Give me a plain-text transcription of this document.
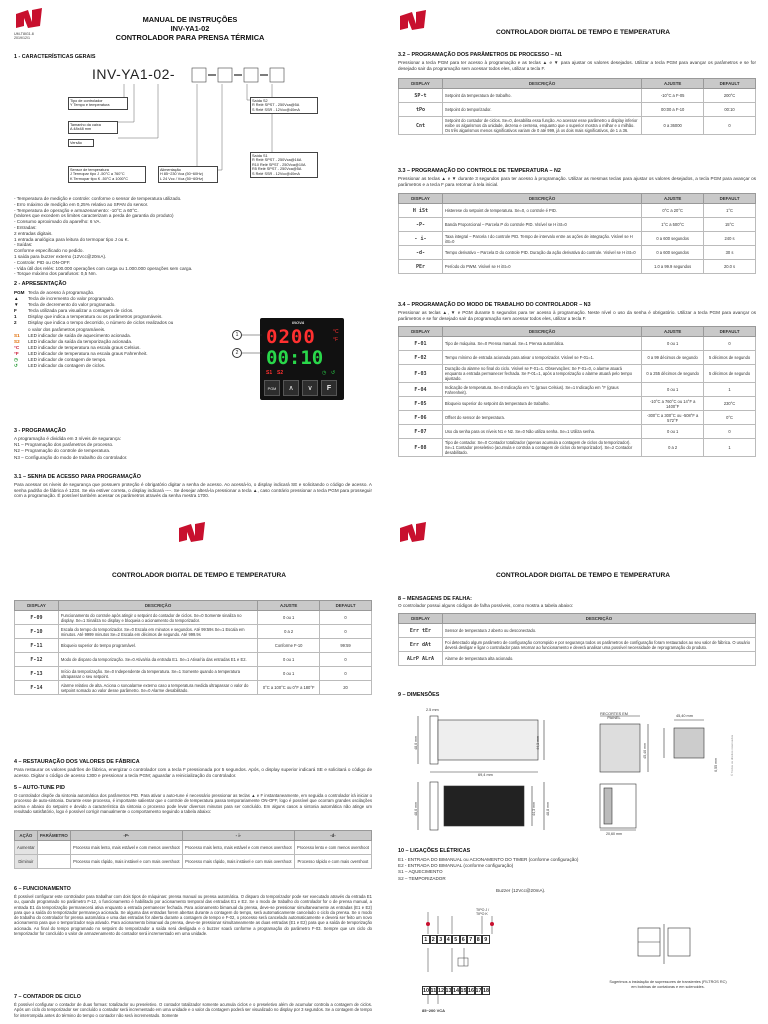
UM-T8IG1.8
2019/12/1
MANUAL DE INSTRUÇÕES
INV-YA1-02
CONTROLADOR PARA PRENSA TÉRMICA
1 - CARACTERÍSTICAS GERAIS
INV-YA1-02-
Tipo de controlador
Y Tempo e temperatura
Tamanho da caixa
A 48x48 mm
Versão
Sensor de temperatura
J Termopar tipo J -50°C a 760°C
K Termopar tipo K -50°C a 1000°C
Alimentação
H 85~230 Vca (50~60Hz)
L 24 Vcc / Vca (50~60Hz)
Saída S2
R Relé SPST - 250Vca@5A
S Relé SSR - 12Vcc@40mA
Saída S1
R Relé SPST - 250Vca@16A
R10 Relé SPST - 250Vca@10A
R5 Relé SPST - 250Vca@5A
S Relé SSR - 12Vcc@40mA
- Temperatura de medição e controle: conforme o sensor de temperatura utilizado.
- Erro máximo de medição em 0,25% relativo ao SPAN do sensor.
- Temperatura de operação e armazenamento: -10°C a 60°C.
(Valores que excedem os limites caracterizam a perda de garantia do produto)
- Consumo aproximado do aparelho: 6 VA.
- Entradas:
2 entradas digitais.
1 entrada analógica para leitura do termopar tipo J ou K.
- Saídas:
Conforme especificado no pedido.
1 saída para buzzer externo (12Vcc@20mA).
- Controle: PID ou ON-OFF.
- Vida útil dos relés: 100.000 operações com carga ou 1.000.000 operações sem carga.
- Torque máximo dos parafusos: 0,5 Nm.
2 - APRESENTAÇÃO
PGM Tecla de acesso à programação.
▲ Tecla de incremento do valor programado.
▼ Tecla de decremento do valor programado.
F Tecla utilizada para visualizar a contagem de ciclos.
1 Display que indica a temperatura ou os parâmetros programáveis.
2 Display que indica o tempo decorrido, o número de ciclos realizados ou
o valor dos parâmetros programáveis.
S1 LED indicador de saída de aquecimento acionada.
S2 LED indicador da saída da temporização acionada.
°C LED indicador de temperatura na escala graus Celsius.
°F LED indicador de temperatura na escala graus Fahrenheit.
◷ LED indicador de contagem de tempo.
↺ LED indicador da contagem de ciclos.
INOVA
0200
00:10
°C
°F
S1 S2	◷ ↺
PGM	∧	∨	F
1
2
3 - PROGRAMAÇÃO
A programação é dividida em 3 níveis de segurança:
N1 – Programação dos parâmetros de processo.
N2 – Programação do controle de temperatura.
N3 – Configuração do modo de trabalho do controlador.
3.1 – SENHA DE ACESSO PARA PROGRAMAÇÃO
Para acessar os níveis de segurança que possuem proteção é obrigatório digitar a senha de acesso. Ao acessá-lo, o display indicará SE e solicitando o código de acesso. A senha padrão de fábrica é 1234. Se ela estiver correta, o display indicará ----. Se desejar alterá-la pressionar a tecla ▲, caso contrário pressionar a tecla PGM para prosseguir com a programação. É possível também acessar os parâmetros através da senha mestra 1700.
CONTROLADOR DIGITAL DE TEMPO E TEMPERATURA
3.2 – PROGRAMAÇÃO DOS PARÂMETROS DE PROCESSO – N1
Pressionar a tecla PGM para ter acesso à programação e as teclas ▲ e ▼ para ajustar os valores desejados. Utilizar a tecla PGM para avançar os parâmetros e se for desejado sair da programação sem acessar todos eles, utilizar a tecla F.
DISPLAY	DESCRIÇÃO	AJUSTE	DEFAULT
SP-t	Setpoint da temperatura de trabalho.	-10°C a F-05	200°C
tPo	Setpoint do temporizador.	00:00 a F-10	00:10
Cnt	Setpoint do contador de ciclos. Se=0, desabilita essa função. Ao acessar esse parâmetro o display inferior exibe os algarismos da unidade, dezena e centena, enquanto que o superior mostra o milhar e o milhão. Os três algarismos menos significativos variam de 0 até 999, já os dois mais significativos, de 1 a 36.	0 a 36000	0
3.3 – PROGRAMAÇÃO DO CONTROLE DE TEMPERATURA – N2
Pressionar as teclas ▲ e ▼ durante 3 segundos para ter acesso à programação. Utilizar as mesmas teclas para ajustar os valores desejados, a tecla PGM para avançar os parâmetros e a tecla F para retornar à tela inicial.
DISPLAY	DESCRIÇÃO	AJUSTE	DEFAULT
H iSt	Histerese do setpoint de temperatura. Se=0, o controle é PID.	0°C a 20°C	1°C
-P-	Banda Proporcional – Parcela P do controle PID. Visível se H iSt=0	1°C a 500°C	15°C
- i-	Taxa integral – Parcela I do controle PID. Tempo de intervalo entre as ações de integração. Visível se H iSt=0	0 a 600 segundos	240 s
-d-	Tempo derivativo – Parcela D do controle PID. Duração da ação derivativa do controle. Visível se H iSt=0	0 a 600 segundos	30 s
PEr	Período do PWM. Visível se H iSt=0	1.0 a 99.9 segundos	20.0 s
3.4 – PROGRAMAÇÃO DO MODO DE TRABALHO DO CONTROLADOR – N3
Pressionar as teclas ▲, ▼ e PGM durante 5 segundos para ter acesso à programação. Neste nível o uso da senha é obrigatório. Utilizar a tecla PGM para avançar os parâmetros e se for desejado sair da programação sem acessar todos eles, utilizar a tecla F.
DISPLAY	DESCRIÇÃO	AJUSTE	DEFAULT
F-01	Tipo de máquina. Se=0 Prensa manual. Se=1 Prensa automática.	0 ou 1	0
F-02	Tempo mínimo de entrada acionada para ativar o temporizador. Visível se F-01=1.	0 a 99 décimos de segundo	5 décimos de segundo
F-03	Duração do alarme no final do ciclo. Visível se F-01=1. Observações: Se F-01=0, o alarme atuará enquanto a entrada permanecer fechada. Se F-01=1, após a temporização o alarme atuará pelo tempo ajustado.	0 a 255 décimos de segundo	5 décimos de segundo
F-04	Indicação de temperatura. Se=0 Indicação em °C (graus Celsius). Se=1 Indicação em °F (graus Fahrenheit).	0 ou 1	1
F-05	Bloqueio superior do setpoint da temperatura de trabalho.	-10°C a 760°C ou 14°F a 1400°F	230°C
F-06	Offset do sensor de temperatura.	-300°C a 300°C ou -508°F a 572°F	0°C
F-07	Uso da senha para os níveis N1 e N2. Se=0 Não utiliza senha. Se=1 Utiliza senha.	0 ou 1	0
F-08	Tipo de contador. Se=0 Contador totalizador (apenas acumula a contagem de ciclos do temporizador). Se=1 Contador preseletivo (acumula e controla a contagem de ciclos do temporizador). Se=2 Contador desabilitado.	0 a 2	1
CONTROLADOR DIGITAL DE TEMPO E TEMPERATURA
DISPLAY	DESCRIÇÃO	AJUSTE	DEFAULT
F-09	Funcionamento do controle após atingir o setpoint do contador de ciclos. Se=0 Somente sinaliza no display. Se=1 Sinaliza no display e bloqueia o acionamento do temporizador.	0 ou 1	0
F-10	Escala do tempo do temporizador. Se=0 Escala em minutos e segundos. Até 99:59s Se=1 Escala em minutos. Até 9999 minutos Se=2 Escala em décimos de segundo. Até 999.9s	0 a 2	0
F-11	Bloqueio superior do tempo programável.	Conforme F-10	99:59
F-12	Modo de disparo da temporização. Se=0 Ativa/ria da entrada E1. Se=1 Ativa/ria das entradas E1 e E2.	0 ou 1	0
F-13	Início da temporização. Se=0 Independente da temperatura. Se=1 Somente quando a temperatura ultrapassar o seu setpoint.	0 ou 1	0
F-14	Alarme relativo de alta. Aciona o sonoalarme externo caso a temperatura medida ultrapassar o valor do setpoint somado ao valor desse parâmetro. Se=0 Alarme desabilitado.	0°C a 100°C ou 0°F a 180°F	20
4 – RESTAURAÇÃO DOS VALORES DE FÁBRICA
Para restaurar os valores padrões de fábrica, energizar o controlador com a tecla F pressionada por 5 segundos. Após, o display superior indicará SE e solicitará o código de acesso. Digitar o código de acesso 1300 e pressionar a tecla PGM; aguardar a reinicialização do controlador.
5 – AUTO-TUNE PID
O controlador dispõe da sintonia automática dos parâmetros PID. Para ativar o auto-tune é necessário pressionar as teclas ▲ e F instantaneamente, em seguida o controlador irá iniciar o processo de auto-sintonia. Durante esse processo, é importante salientar que o controle de temperatura passa temporariamente ON-OFF, logo é possível que ocorram grandes oscilações acima e abaixo do setpoint e devido a característica da sintonia o processo pode levar diversos minutos para ser concluído. Em alguns casos a sintonia automática não atinge um resultado satisfatório, logo é possível corrigir manualmente o comportamento seguindo a tabela abaixo:
AÇÃO	PARÂMETRO	-P-	- i-	-d-
Aumentar		Processo mais lento, mais estável e com menos overshoot	Processo mais lento, mais estável e com menos overshoot	Processo lento e com menos overshoot
Diminuir		Processo mais rápido, mais instável e com mais overshoot	Processo mais rápido, mais instável e com mais overshoot	Processo rápido e com mais overshoot
6 – FUNCIONAMENTO
É possível configurar este controlador para trabalhar com dois tipos de máquinas: prensa manual ou prensa automática. O disparo do temporizador pode ser executado através da entrada E1 ou, quando programado no parâmetro F-12, o funcionamento é habilitado por acionamento temporal das entradas E1 e E2. Se o modo de trabalho do controlador for o de prensa manual, a entrada E1 da temporização permanecerá ativa enquanto a entrada permanecer fechada. Para acionamento bimanual da prensa, deve-se pressionar simultaneamente as entradas (E1 e E2) para que a saída do temporizador permaneça acionada. Se alguma das entradas forem abertas durante a contagem do tempo, será automaticamente cancelado o ciclo da prensa. Se o modo de trabalho do controlador for prensa automática e uma das entradas for aberta durante a contagem de tempo e F-02, o processo será cancelado automaticamente e deverá ser feito um novo acionamento para que o temporizador seja ativado. Para acionamento bimanual da prensa, deve-se pressionar simultaneamente as duas entradas (E1 e E2) para que a saída de temporização acionada. Ao final do tempo programado no setpoint do temporizador a saída será desligada e o buzzer soará conforme a programação do parâmetro F-03. Sempre que um ciclo do temporizador for concluído o valor de armazenamento do contador será incrementado em uma unidade.
7 – CONTADOR DE CICLO
É possível configurar o contador de duas formas: totalizador ou preseletivo. O contador totalizador somente acumula ciclos e o preseletivo além de acumular controla a contagem de ciclos. Após um ciclo do temporizador ser concluído o contador será incrementado em uma unidade e o valor da contagem poderá ser visualizado no display por 3 segundos. Se a contagem de tempo for interrompida antes do término do tempo o contador não será incrementado. Somente
CONTROLADOR DIGITAL DE TEMPO E TEMPERATURA
8 – MENSAGENS DE FALHA:
O controlador possui alguns códigos de falha possíveis, como mostra a tabela abaixo:
DISPLAY	DESCRIÇÃO
Err tEr	Sensor de temperatura J aberto ou desconectado.
Err dAt	Foi detectado algum parâmetro de configuração corrompido e por segurança todos os parâmetros de configuração foram restaurados ao seu valor de fábrica. O usuário deverá desligar e ligar o controlador para retornar ao funcionamento e deverá analisar uma possível necessidade de reprogramação do produto.
ALrP ALrA	Alarme de temperatura alta acionado.
9 – DIMENSÕES
2.5 mm
48,0 mm	44,3 mm
69,4 mm
RECORTES EM PAINEL
45,40 mm
45,40 mm
0,55 mm
48,0 mm	44,3 mm	48,8 mm
20,60 mm
© Todos os direitos reservados
10 – LIGAÇÕES ELÉTRICAS
E1 - ENTRADA DO BIMANUAL ou ACIONAMENTO DO TIMER (conforme configuração)
E2 - ENTRADA DO BIMANUAL (conforme configuração)
S1 – AQUECIMENTO
S2 – TEMPORIZADOR
Buzzer (12Vcc@20mA).
TIPO J / TIPO K
1 2 3 4 5 6 7 8 9
10 11 12 13 14 15 16 17 18
85~200 VCA
Sugerimos a instalação de supressores de transientes (FILTROS RC) em bobinas de contatoras e em solenoides.
